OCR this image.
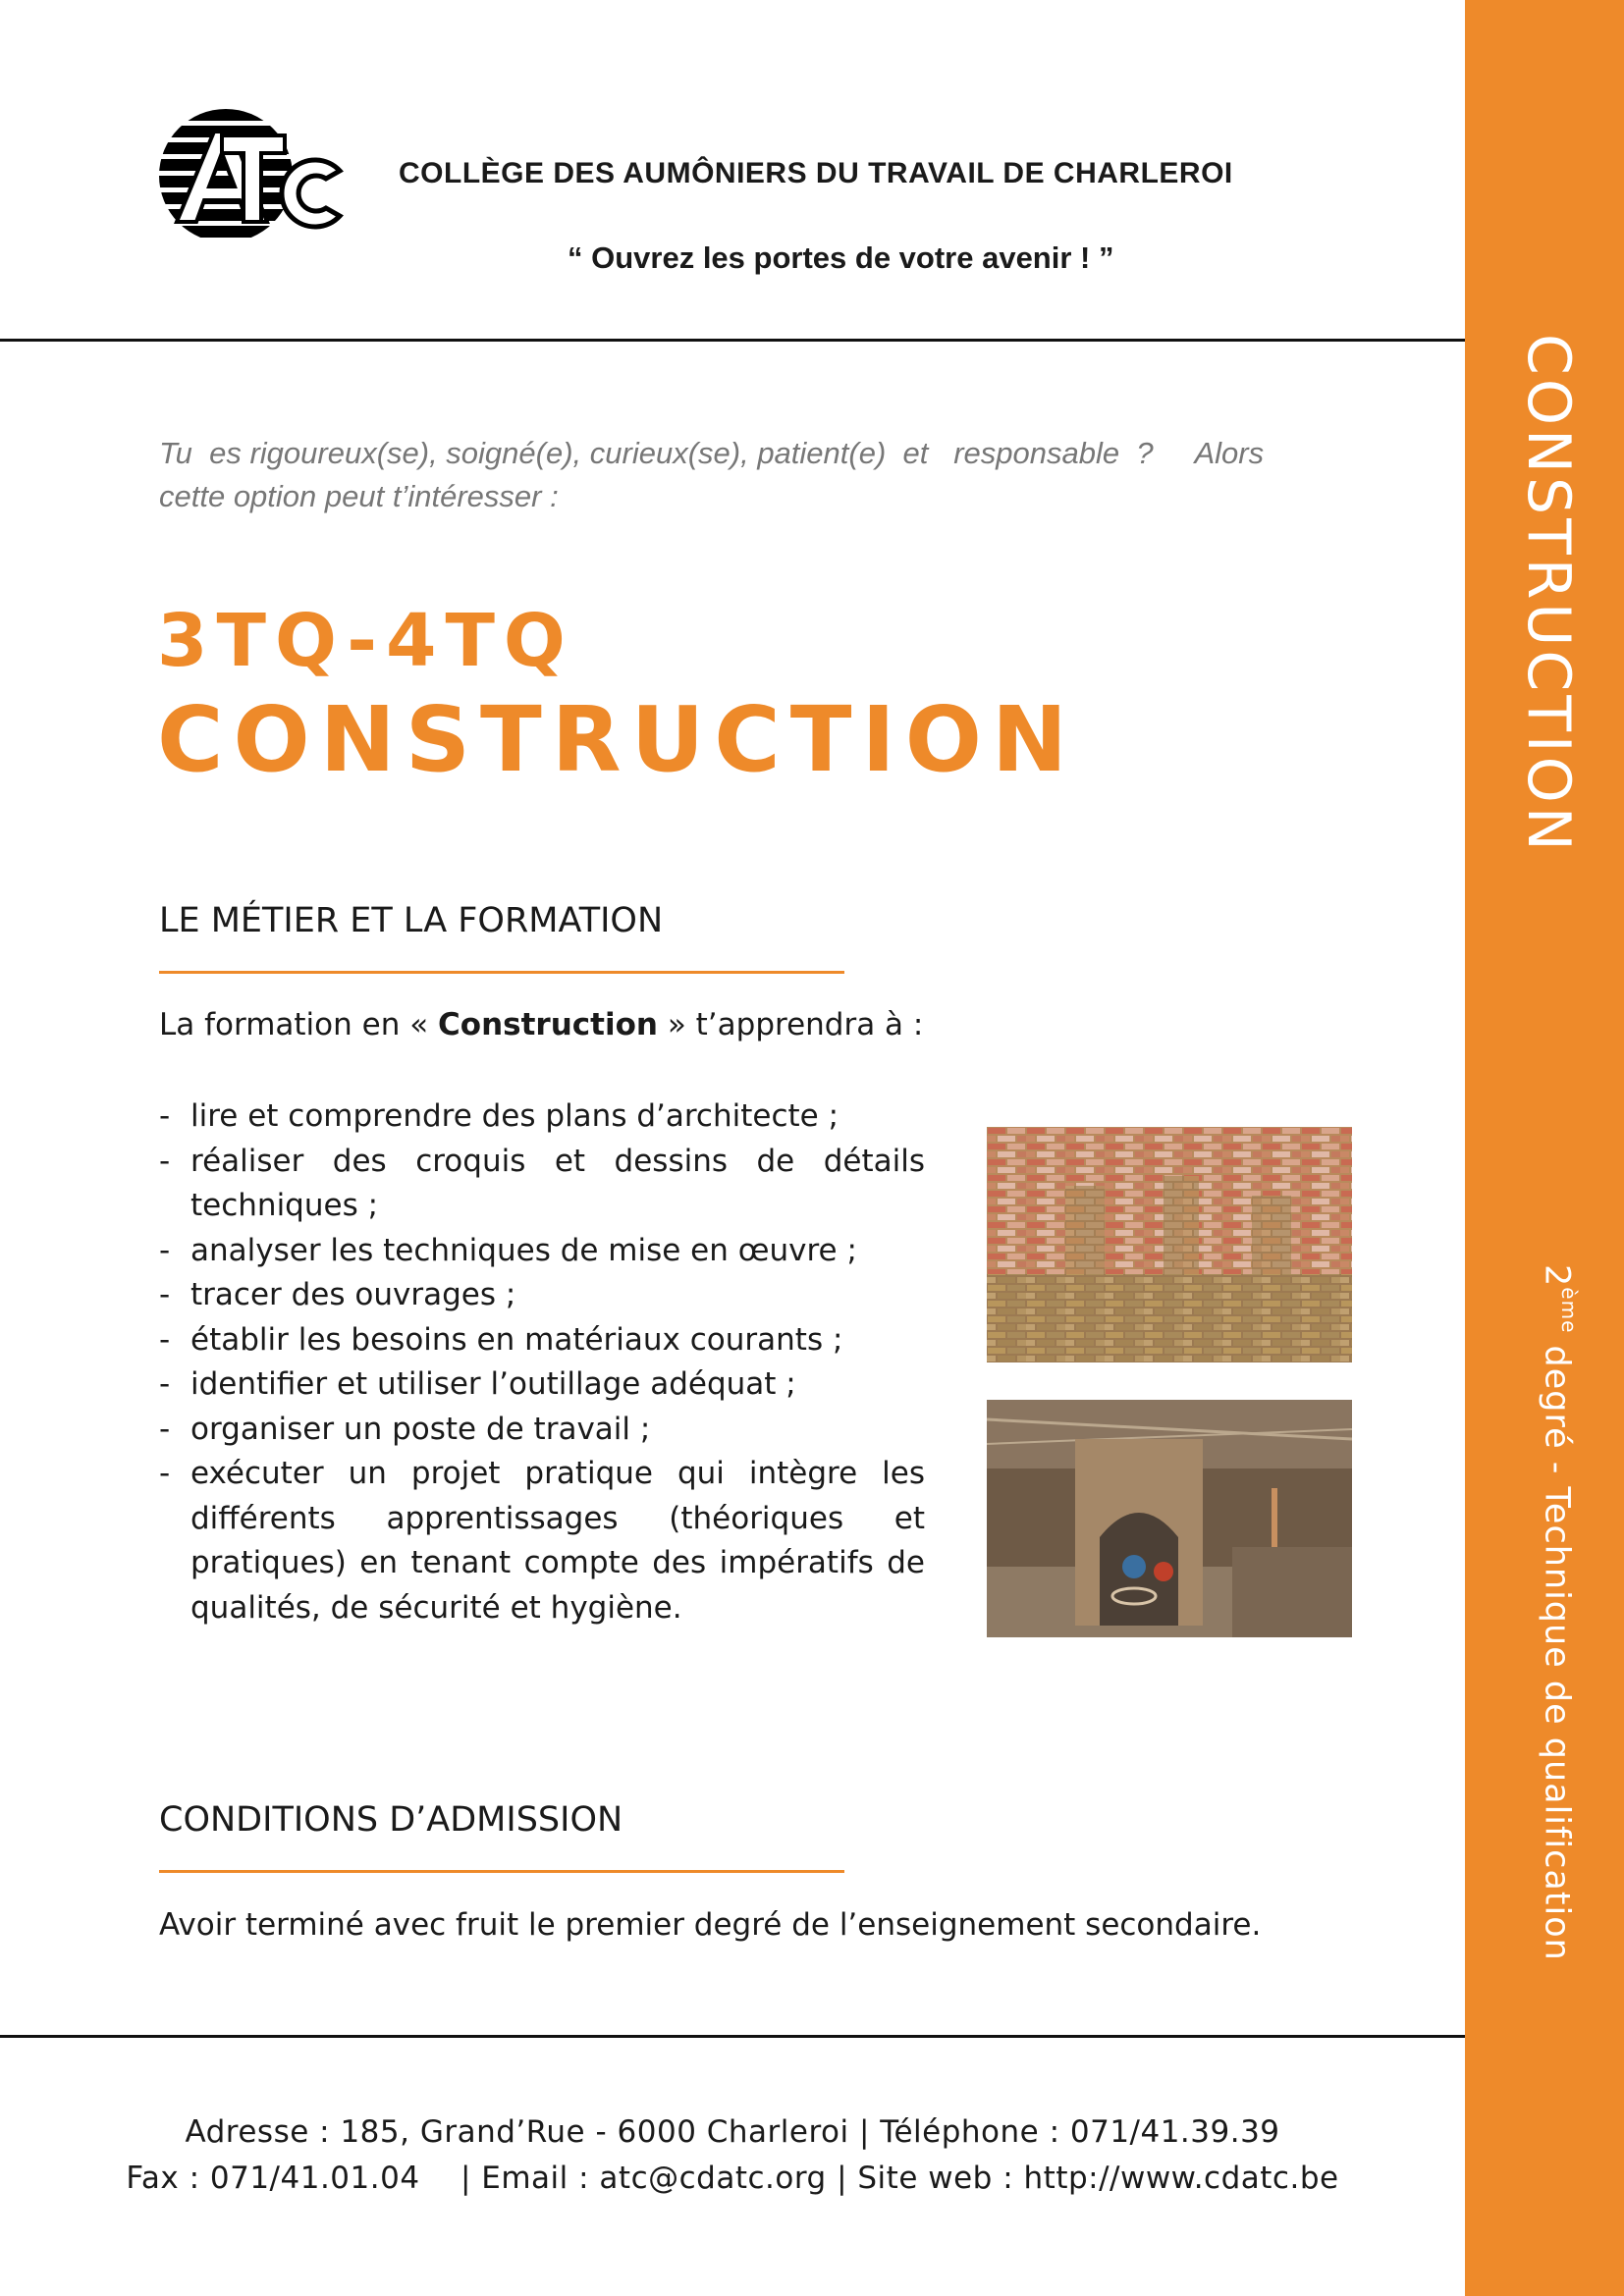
CONSTRUCTION
2ème degré - Technique de qualification
ATC
COLLÈGE DES AUMÔNIERS DU TRAVAIL DE CHARLEROI
“ Ouvrez les portes de votre avenir ! ”
Tu  es rigoureux(se), soigné(e), curieux(se), patient(e)  et   responsable  ?     Alors
cette option peut t’intéresser :
3TQ-4TQ
CONSTRUCTION
LE MÉTIER ET LA FORMATION
La formation en « Construction » t’apprendra à :
- lire et comprendre des plans d’architecte ;
- réaliser des croquis et dessins de détails techniques ;
- analyser les techniques de mise en œuvre ;
- tracer des ouvrages ;
- établir les besoins en matériaux courants ;
- identifier et utiliser l’outillage adéquat ;
- organiser un poste de travail ;
- exécuter un projet pratique qui intègre les différents apprentissages (théoriques et pratiques) en tenant compte des impératifs de qualités, de sécurité et hygiène.
CONDITIONS D’ADMISSION
Avoir terminé avec fruit le premier degré de l’enseignement secondaire.
Adresse : 185, Grand’Rue - 6000 Charleroi | Téléphone : 071/41.39.39
Fax : 071/41.01.04    | Email : atc@cdatc.org | Site web : http://www.cdatc.be
